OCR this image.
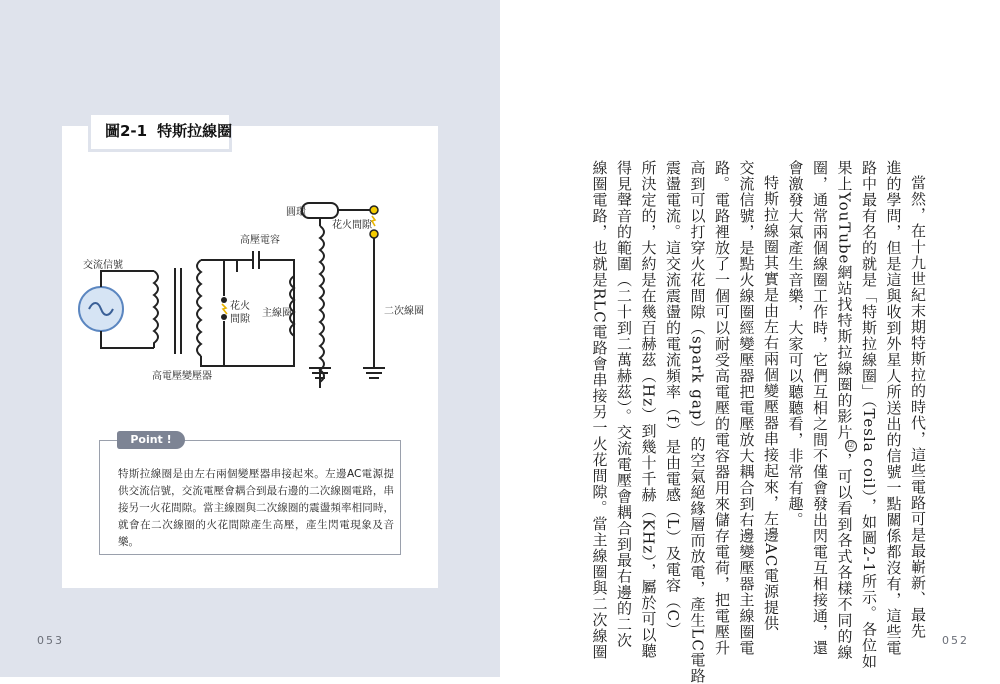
圖2-1 特斯拉線圈
交流信號
高壓電容
圓環
花火間隙
花火
間隙
主線圈	二次線圈
高電壓變壓器
Point !
特斯拉線圈是由左右兩個變壓器串接起來。左邊AC電源提供交流信號，交流電壓會耦合到最右邊的二次線圈電路，串接另一火花間隙。當主線圈與二次線圈的震盪頻率相同時，就會在二次線圈的火花間隙產生高壓，產生閃電現象及音樂。
053
當然，在十九世紀末期特斯拉的時代，這些電路可是最嶄新、最先
進的學問，但是這與收到外星人所送出的信號一點關係都沒有，這些電
路中最有名的就是「特斯拉線圈」（Tesla coil），如圖2-1所示。各位如
果上YouTube網站找特斯拉線圈的影片⑫，可以看到各式各樣不同的線
圈，通常兩個線圈工作時，它們互相之間不僅會發出閃電互相接通，還
會激發大氣產生音樂，大家可以聽聽看，非常有趣。
特斯拉線圈其實是由左右兩個變壓器串接起來，左邊AC電源提供
交流信號，是點火線圈經變壓器把電壓放大耦合到右邊變壓器主線圈電
路。電路裡放了一個可以耐受高電壓的電容器用來儲存電荷，把電壓升
高到可以打穿火花間隙（spark gap）的空氣絕緣層而放電，產生LC電路
震盪電流。這交流震盪的電流頻率（f）是由電感（L）及電容（C）
所決定的，大約是在幾百赫茲（Hz）到幾十千赫（KHz），屬於可以聽
得見聲音的範圍（二十到二萬赫茲）。交流電壓會耦合到最右邊的二次
線圈電路，也就是RLC電路會串接另一火花間隙。當主線圈與二次線圈	052
